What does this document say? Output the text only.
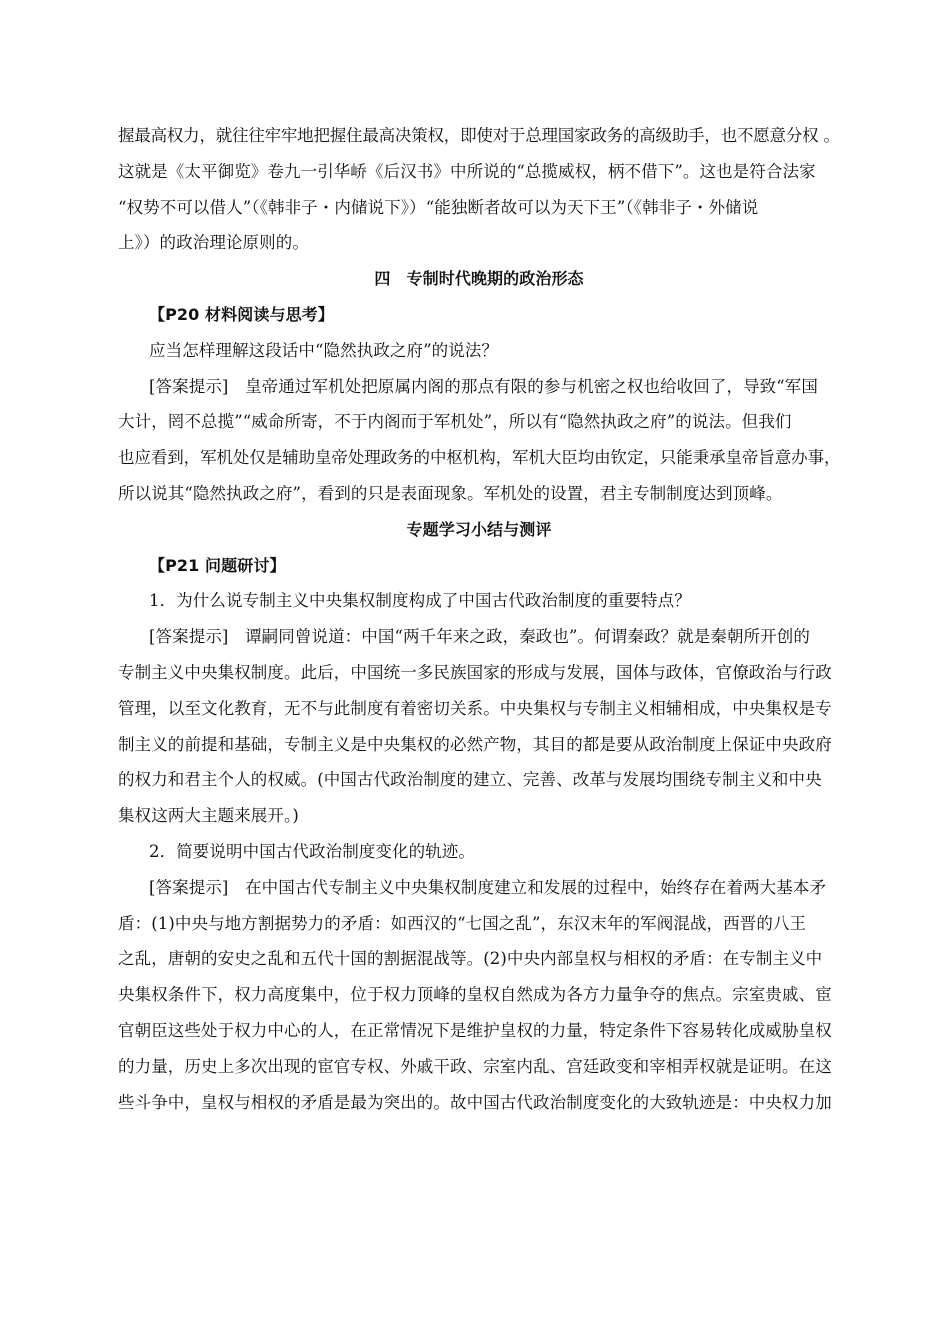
握最高权力，就往往牢牢地把握住最高决策权，即使对于总理国家政务的高级助手，也不愿意分权 。
这就是《太平御览》卷九一引华峤《后汉书》中所说的“总揽威权，柄不借下”。这也是符合法家
“权势不可以借人”（《韩非子・内储说下》）“能独断者故可以为天下王”（《韩非子・外储说
上》）的政治理论原则的。
四　专制时代晚期的政治形态
【P20 材料阅读与思考】
应当怎样理解这段话中“隐然执政之府”的说法？
[答案提示]　皇帝通过军机处把原属内阁的那点有限的参与机密之权也给收回了，导致“军国
大计，罔不总揽”“威命所寄，不于内阁而于军机处”，所以有“隐然执政之府”的说法。但我们
也应看到，军机处仅是辅助皇帝处理政务的中枢机构，军机大臣均由钦定，只能秉承皇帝旨意办事，
所以说其“隐然执政之府”，看到的只是表面现象。军机处的设置，君主专制制度达到顶峰。
专题学习小结与测评
【P21 问题研讨】
1．为什么说专制主义中央集权制度构成了中国古代政治制度的重要特点？
[答案提示]　谭嗣同曾说道：中国“两千年来之政，秦政也”。何谓秦政？就是秦朝所开创的
专制主义中央集权制度。此后，中国统一多民族国家的形成与发展，国体与政体，官僚政治与行政
管理，以至文化教育，无不与此制度有着密切关系。中央集权与专制主义相辅相成，中央集权是专
制主义的前提和基础，专制主义是中央集权的必然产物，其目的都是要从政治制度上保证中央政府
的权力和君主个人的权威。(中国古代政治制度的建立、完善、改革与发展均围绕专制主义和中央
集权这两大主题来展开。)
2．简要说明中国古代政治制度变化的轨迹。
[答案提示]　在中国古代专制主义中央集权制度建立和发展的过程中，始终存在着两大基本矛
盾：(1)中央与地方割据势力的矛盾：如西汉的“七国之乱”，东汉末年的军阀混战，西晋的八王
之乱，唐朝的安史之乱和五代十国的割据混战等。(2)中央内部皇权与相权的矛盾：在专制主义中
央集权条件下，权力高度集中，位于权力顶峰的皇权自然成为各方力量争夺的焦点。宗室贵戚、宦
官朝臣这些处于权力中心的人，在正常情况下是维护皇权的力量，特定条件下容易转化成威胁皇权
的力量，历史上多次出现的宦官专权、外戚干政、宗室内乱、宫廷政变和宰相弄权就是证明。在这
些斗争中，皇权与相权的矛盾是最为突出的。故中国古代政治制度变化的大致轨迹是：中央权力加
